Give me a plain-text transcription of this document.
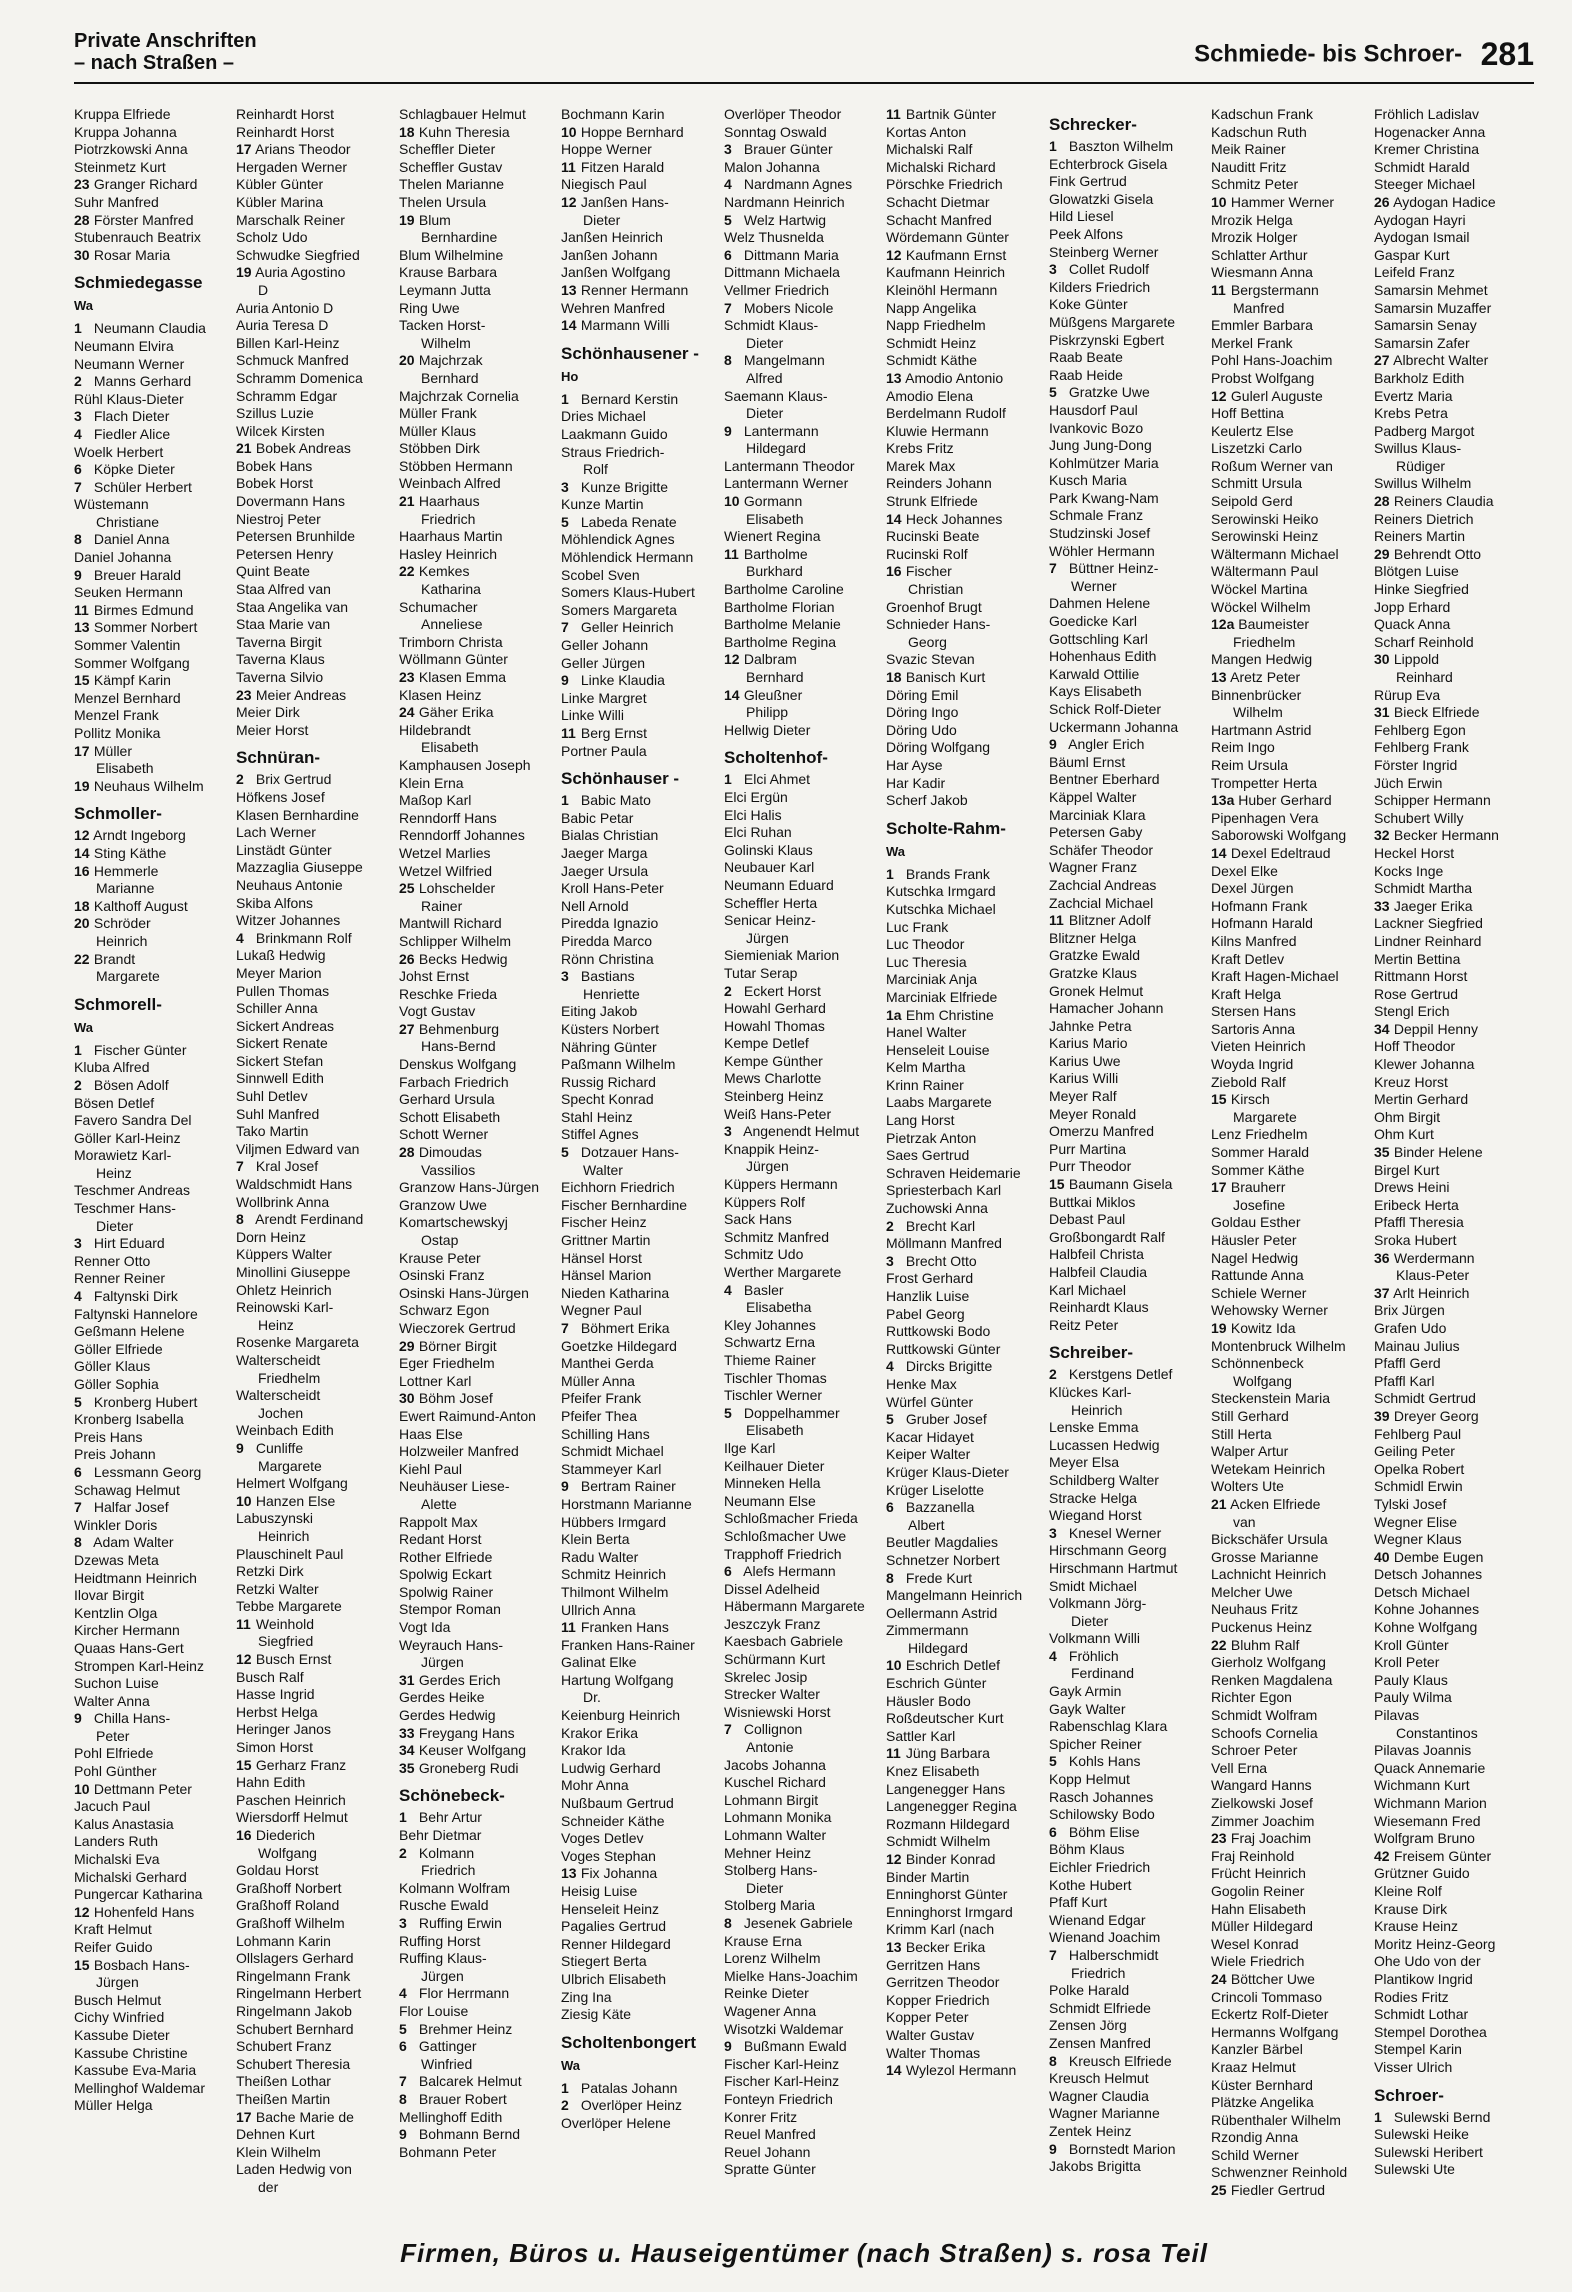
Private Anschriften
– nach Straßen –	Schmiede- bis Schroer- 281
Kruppa Elfriede
Kruppa Johanna
Piotrzkowski Anna
Steinmetz Kurt
23 Granger Richard
Suhr Manfred
28 Förster Manfred
Stubenrauch Beatrix
30 Rosar Maria
Schmiedegasse
Wa
1 Neumann Claudia
Neumann Elvira
Neumann Werner
2 Manns Gerhard
Rühl Klaus-Dieter
3 Flach Dieter
4 Fiedler Alice
Woelk Herbert
6 Köpke Dieter
7 Schüler Herbert
Wüstemann
Christiane
8 Daniel Anna
Daniel Johanna
9 Breuer Harald
Seuken Hermann
11 Birmes Edmund
13 Sommer Norbert
Sommer Valentin
Sommer Wolfgang
15 Kämpf Karin
Menzel Bernhard
Menzel Frank
Pollitz Monika
17 Müller
Elisabeth
19 Neuhaus Wilhelm
Schmoller-
12 Arndt Ingeborg
14 Sting Käthe
16 Hemmerle
Marianne
18 Kalthoff August
20 Schröder
Heinrich
22 Brandt
Margarete
Schmorell-
Wa
1 Fischer Günter
Kluba Alfred
2 Bösen Adolf
Bösen Detlef
Favero Sandra Del
Göller Karl-Heinz
Morawietz Karl-
Heinz
Teschmer Andreas
Teschmer Hans-
Dieter
3 Hirt Eduard
Renner Otto
Renner Reiner
4 Faltynski Dirk
Faltynski Hannelore
Geßmann Helene
Göller Elfriede
Göller Klaus
Göller Sophia
5 Kronberg Hubert
Kronberg Isabella
Preis Hans
Preis Johann
6 Lessmann Georg
Schawag Helmut
7 Halfar Josef
Winkler Doris
8 Adam Walter
Dzewas Meta
Heidtmann Heinrich
Ilovar Birgit
Kentzlin Olga
Kircher Hermann
Quaas Hans-Gert
Strompen Karl-Heinz
Suchon Luise
Walter Anna
9 Chilla Hans-
Peter
Pohl Elfriede
Pohl Günther
10 Dettmann Peter
Jacuch Paul
Kalus Anastasia
Landers Ruth
Michalski Eva
Michalski Gerhard
Pungercar Katharina
12 Hohenfeld Hans
Kraft Helmut
Reifer Guido
15 Bosbach Hans-
Jürgen
Busch Helmut
Cichy Winfried
Kassube Dieter
Kassube Christine
Kassube Eva-Maria
Mellinghof Waldemar
Müller Helga
Reinhardt Horst
Reinhardt Horst
17 Arians Theodor
Hergaden Werner
Kübler Günter
Kübler Marina
Marschalk Reiner
Scholz Udo
Schwudke Siegfried
19 Auria Agostino
D
Auria Antonio D
Auria Teresa D
Billen Karl-Heinz
Schmuck Manfred
Schramm Domenica
Schramm Edgar
Szillus Luzie
Wilcek Kirsten
21 Bobek Andreas
Bobek Hans
Bobek Horst
Dovermann Hans
Niestroj Peter
Petersen Brunhilde
Petersen Henry
Quint Beate
Staa Alfred van
Staa Angelika van
Staa Marie van
Taverna Birgit
Taverna Klaus
Taverna Silvio
23 Meier Andreas
Meier Dirk
Meier Horst
Schnüran-
2 Brix Gertrud
Höfkens Josef
Klasen Bernhardine
Lach Werner
Linstädt Günter
Mazzaglia Giuseppe
Neuhaus Antonie
Skiba Alfons
Witzer Johannes
4 Brinkmann Rolf
Lukaß Hedwig
Meyer Marion
Pullen Thomas
Schiller Anna
Sickert Andreas
Sickert Renate
Sickert Stefan
Sinnwell Edith
Suhl Detlev
Suhl Manfred
Tako Martin
Viljmen Edward van
7 Kral Josef
Waldschmidt Hans
Wollbrink Anna
8 Arendt Ferdinand
Dorn Heinz
Küppers Walter
Minollini Giuseppe
Ohletz Heinrich
Reinowski Karl-
Heinz
Rosenke Margareta
Walterscheidt
Friedhelm
Walterscheidt
Jochen
Weinbach Edith
9 Cunliffe
Margarete
Helmert Wolfgang
10 Hanzen Else
Labuszynski
Heinrich
Plauschinelt Paul
Retzki Dirk
Retzki Walter
Tebbe Margarete
11 Weinhold
Siegfried
12 Busch Ernst
Busch Ralf
Hasse Ingrid
Herbst Helga
Heringer Janos
Simon Horst
15 Gerharz Franz
Hahn Edith
Paschen Heinrich
Wiersdorff Helmut
16 Diederich
Wolfgang
Goldau Horst
Graßhoff Norbert
Graßhoff Roland
Graßhoff Wilhelm
Lohmann Karin
Ollslagers Gerhard
Ringelmann Frank
Ringelmann Herbert
Ringelmann Jakob
Schubert Bernhard
Schubert Franz
Schubert Theresia
Theißen Lothar
Theißen Martin
17 Bache Marie de
Dehnen Kurt
Klein Wilhelm
Laden Hedwig von
der
Schlagbauer Helmut
18 Kuhn Theresia
Scheffler Dieter
Scheffler Gustav
Thelen Marianne
Thelen Ursula
19 Blum
Bernhardine
Blum Wilhelmine
Krause Barbara
Leymann Jutta
Ring Uwe
Tacken Horst-
Wilhelm
20 Majchrzak
Bernhard
Majchrzak Cornelia
Müller Frank
Müller Klaus
Stöbben Dirk
Stöbben Hermann
Weinbach Alfred
21 Haarhaus
Friedrich
Haarhaus Martin
Hasley Heinrich
22 Kemkes
Katharina
Schumacher
Anneliese
Trimborn Christa
Wöllmann Günter
23 Klasen Emma
Klasen Heinz
24 Gäher Erika
Hildebrandt
Elisabeth
Kamphausen Joseph
Klein Erna
Maßop Karl
Renndorff Hans
Renndorff Johannes
Wetzel Marlies
Wetzel Wilfried
25 Lohschelder
Rainer
Mantwill Richard
Schlipper Wilhelm
26 Becks Hedwig
Johst Ernst
Reschke Frieda
Vogt Gustav
27 Behmenburg
Hans-Bernd
Denskus Wolfgang
Farbach Friedrich
Gerhard Ursula
Schott Elisabeth
Schott Werner
28 Dimoudas
Vassilios
Granzow Hans-Jürgen
Granzow Uwe
Komartschewskyj
Ostap
Krause Peter
Osinski Franz
Osinski Hans-Jürgen
Schwarz Egon
Wieczorek Gertrud
29 Börner Birgit
Eger Friedhelm
Lottner Karl
30 Böhm Josef
Ewert Raimund-Anton
Haas Else
Holzweiler Manfred
Kiehl Paul
Neuhäuser Liese-
Alette
Rappolt Max
Redant Horst
Rother Elfriede
Spolwig Eckart
Spolwig Rainer
Stempor Roman
Vogt Ida
Weyrauch Hans-
Jürgen
31 Gerdes Erich
Gerdes Heike
Gerdes Hedwig
33 Freygang Hans
34 Keuser Wolfgang
35 Groneberg Rudi
Schönebeck-
1 Behr Artur
Behr Dietmar
2 Kolmann
Friedrich
Kolmann Wolfram
Rusche Ewald
3 Ruffing Erwin
Ruffing Horst
Ruffing Klaus-
Jürgen
4 Flor Herrmann
Flor Louise
5 Brehmer Heinz
6 Gattinger
Winfried
7 Balcarek Helmut
8 Brauer Robert
Mellinghoff Edith
9 Bohmann Bernd
Bohmann Peter
Bochmann Karin
10 Hoppe Bernhard
Hoppe Werner
11 Fitzen Harald
Niegisch Paul
12 Janßen Hans-
Dieter
Janßen Heinrich
Janßen Johann
Janßen Wolfgang
13 Renner Hermann
Wehren Manfred
14 Marmann Willi
Schönhausener -
Ho
1 Bernard Kerstin
Dries Michael
Laakmann Guido
Straus Friedrich-
Rolf
3 Kunze Brigitte
Kunze Martin
5 Labeda Renate
Möhlendick Agnes
Möhlendick Hermann
Scobel Sven
Somers Klaus-Hubert
Somers Margareta
7 Geller Heinrich
Geller Johann
Geller Jürgen
9 Linke Klaudia
Linke Margret
Linke Willi
11 Berg Ernst
Portner Paula
Schönhauser -
1 Babic Mato
Babic Petar
Bialas Christian
Jaeger Marga
Jaeger Ursula
Kroll Hans-Peter
Nell Arnold
Piredda Ignazio
Piredda Marco
Rönn Christina
3 Bastians
Henriette
Eiting Jakob
Küsters Norbert
Nähring Günter
Paßmann Wilhelm
Russig Richard
Specht Konrad
Stahl Heinz
Stiffel Agnes
5 Dotzauer Hans-
Walter
Eichhorn Friedrich
Fischer Bernhardine
Fischer Heinz
Grittner Martin
Hänsel Horst
Hänsel Marion
Nieden Katharina
Wegner Paul
7 Böhmert Erika
Goetzke Hildegard
Manthei Gerda
Müller Anna
Pfeifer Frank
Pfeifer Thea
Schilling Hans
Schmidt Michael
Stammeyer Karl
9 Bertram Rainer
Horstmann Marianne
Hübbers Irmgard
Klein Berta
Radu Walter
Schmitz Heinrich
Thilmont Wilhelm
Ullrich Anna
11 Franken Hans
Franken Hans-Rainer
Galinat Elke
Hartung Wolfgang
Dr.
Keienburg Heinrich
Krakor Erika
Krakor Ida
Ludwig Gerhard
Mohr Anna
Nußbaum Gertrud
Schneider Käthe
Voges Detlev
Voges Stephan
13 Fix Johanna
Heisig Luise
Henseleit Heinz
Pagalies Gertrud
Renner Hildegard
Stiegert Berta
Ulbrich Elisabeth
Zing Ina
Ziesig Käte
Scholtenbongert
Wa
1 Patalas Johann
2 Overlöper Heinz
Overlöper Helene
Overlöper Theodor
Sonntag Oswald
3 Brauer Günter
Malon Johanna
4 Nardmann Agnes
Nardmann Heinrich
5 Welz Hartwig
Welz Thusnelda
6 Dittmann Maria
Dittmann Michaela
Vellmer Friedrich
7 Mobers Nicole
Schmidt Klaus-
Dieter
8 Mangelmann
Alfred
Saemann Klaus-
Dieter
9 Lantermann
Hildegard
Lantermann Theodor
Lantermann Werner
10 Gormann
Elisabeth
Wienert Regina
11 Bartholme
Burkhard
Bartholme Caroline
Bartholme Florian
Bartholme Melanie
Bartholme Regina
12 Dalbram
Bernhard
14 Gleußner
Philipp
Hellwig Dieter
Scholtenhof-
1 Elci Ahmet
Elci Ergün
Elci Halis
Elci Ruhan
Golinski Klaus
Neubauer Karl
Neumann Eduard
Scheffler Herta
Senicar Heinz-
Jürgen
Siemieniak Marion
Tutar Serap
2 Eckert Horst
Howahl Gerhard
Howahl Thomas
Kempe Detlef
Kempe Günther
Mews Charlotte
Steinberg Heinz
Weiß Hans-Peter
3 Angenendt Helmut
Knappik Heinz-
Jürgen
Küppers Hermann
Küppers Rolf
Sack Hans
Schmitz Manfred
Schmitz Udo
Werther Margarete
4 Basler
Elisabetha
Kley Johannes
Schwartz Erna
Thieme Rainer
Tischler Thomas
Tischler Werner
5 Doppelhammer
Elisabeth
Ilge Karl
Keilhauer Dieter
Minneken Hella
Neumann Else
Schloßmacher Frieda
Schloßmacher Uwe
Trapphoff Friedrich
6 Alefs Hermann
Dissel Adelheid
Häbermann Margarete
Jeszczyk Franz
Kaesbach Gabriele
Schürmann Kurt
Skrelec Josip
Strecker Walter
Wisniewski Horst
7 Collignon
Antonie
Jacobs Johanna
Kuschel Richard
Lohmann Birgit
Lohmann Monika
Lohmann Walter
Mehner Heinz
Stolberg Hans-
Dieter
Stolberg Maria
8 Jesenek Gabriele
Krause Erna
Lorenz Wilhelm
Mielke Hans-Joachim
Reinke Dieter
Wagener Anna
Wisotzki Waldemar
9 Bußmann Ewald
Fischer Karl-Heinz
Fischer Karl-Heinz
Fonteyn Friedrich
Konrer Fritz
Reuel Manfred
Reuel Johann
Spratte Günter
11 Bartnik Günter
Kortas Anton
Michalski Ralf
Michalski Richard
Pörschke Friedrich
Schacht Dietmar
Schacht Manfred
Wördemann Günter
12 Kaufmann Ernst
Kaufmann Heinrich
Kleinöhl Hermann
Napp Angelika
Napp Friedhelm
Schmidt Heinz
Schmidt Käthe
13 Amodio Antonio
Amodio Elena
Berdelmann Rudolf
Kluwie Hermann
Krebs Fritz
Marek Max
Reinders Johann
Strunk Elfriede
14 Heck Johannes
Rucinski Beate
Rucinski Rolf
16 Fischer
Christian
Groenhof Brugt
Schnieder Hans-
Georg
Svazic Stevan
18 Banisch Kurt
Döring Emil
Döring Ingo
Döring Udo
Döring Wolfgang
Har Ayse
Har Kadir
Scherf Jakob
Scholte-Rahm-
Wa
1 Brands Frank
Kutschka Irmgard
Kutschka Michael
Luc Frank
Luc Theodor
Luc Theresia
Marciniak Anja
Marciniak Elfriede
1a Ehm Christine
Hanel Walter
Henseleit Louise
Kelm Martha
Krinn Rainer
Laabs Margarete
Lang Horst
Pietrzak Anton
Saes Gertrud
Schraven Heidemarie
Spriesterbach Karl
Zuchowski Anna
2 Brecht Karl
Möllmann Manfred
3 Brecht Otto
Frost Gerhard
Hanzlik Luise
Pabel Georg
Ruttkowski Bodo
Ruttkowski Günter
4 Dircks Brigitte
Henke Max
Würfel Günter
5 Gruber Josef
Kacar Hidayet
Keiper Walter
Krüger Klaus-Dieter
Krüger Liselotte
6 Bazzanella
Albert
Beutler Magdalies
Schnetzer Norbert
8 Frede Kurt
Mangelmann Heinrich
Oellermann Astrid
Zimmermann
Hildegard
10 Eschrich Detlef
Eschrich Günter
Häusler Bodo
Roßdeutscher Kurt
Sattler Karl
11 Jüng Barbara
Knez Elisabeth
Langenegger Hans
Langenegger Regina
Rozmann Hildegard
Schmidt Wilhelm
12 Binder Konrad
Binder Martin
Enninghorst Günter
Enninghorst Irmgard
Krimm Karl (nach
13 Becker Erika
Gerritzen Hans
Gerritzen Theodor
Kopper Friedrich
Kopper Peter
Walter Gustav
Walter Thomas
14 Wylezol Hermann
Schrecker-
1 Baszton Wilhelm
Echterbrock Gisela
Fink Gertrud
Glowatzki Gisela
Hild Liesel
Peek Alfons
Steinberg Werner
3 Collet Rudolf
Kilders Friedrich
Koke Günter
Müßgens Margarete
Piskrzynski Egbert
Raab Beate
Raab Heide
5 Gratzke Uwe
Hausdorf Paul
Ivankovic Bozo
Jung Jung-Dong
Kohlmützer Maria
Kusch Maria
Park Kwang-Nam
Schmale Franz
Studzinski Josef
Wöhler Hermann
7 Büttner Heinz-
Werner
Dahmen Helene
Goedicke Karl
Gottschling Karl
Hohenhaus Edith
Karwald Ottilie
Kays Elisabeth
Schick Rolf-Dieter
Uckermann Johanna
9 Angler Erich
Bäuml Ernst
Bentner Eberhard
Käppel Walter
Marciniak Klara
Petersen Gaby
Schäfer Theodor
Wagner Franz
Zachcial Andreas
Zachcial Michael
11 Blitzner Adolf
Blitzner Helga
Gratzke Ewald
Gratzke Klaus
Gronek Helmut
Hamacher Johann
Jahnke Petra
Karius Mario
Karius Uwe
Karius Willi
Meyer Ralf
Meyer Ronald
Omerzu Manfred
Purr Martina
Purr Theodor
15 Baumann Gisela
Buttkai Miklos
Debast Paul
Großbongardt Ralf
Halbfeil Christa
Halbfeil Claudia
Karl Michael
Reinhardt Klaus
Reitz Peter
Schreiber-
2 Kerstgens Detlef
Klückes Karl-
Heinrich
Lenske Emma
Lucassen Hedwig
Meyer Elsa
Schildberg Walter
Stracke Helga
Wiegand Horst
3 Knesel Werner
Hirschmann Georg
Hirschmann Hartmut
Smidt Michael
Volkmann Jörg-
Dieter
Volkmann Willi
4 Fröhlich
Ferdinand
Gayk Armin
Gayk Walter
Rabenschlag Klara
Spicher Reiner
5 Kohls Hans
Kopp Helmut
Rasch Johannes
Schilowsky Bodo
6 Böhm Elise
Böhm Klaus
Eichler Friedrich
Kothe Hubert
Pfaff Kurt
Wienand Edgar
Wienand Joachim
7 Halberschmidt
Friedrich
Polke Harald
Schmidt Elfriede
Zensen Jörg
Zensen Manfred
8 Kreusch Elfriede
Kreusch Helmut
Wagner Claudia
Wagner Marianne
Zentek Heinz
9 Bornstedt Marion
Jakobs Brigitta
Kadschun Frank
Kadschun Ruth
Meik Rainer
Nauditt Fritz
Schmitz Peter
10 Hammer Werner
Mrozik Helga
Mrozik Holger
Schlatter Arthur
Wiesmann Anna
11 Bergstermann
Manfred
Emmler Barbara
Merkel Frank
Pohl Hans-Joachim
Probst Wolfgang
12 Gulerl Auguste
Hoff Bettina
Keulertz Else
Liszetzki Carlo
Roßum Werner van
Schmitt Ursula
Seipold Gerd
Serowinski Heiko
Serowinski Heinz
Wältermann Michael
Wältermann Paul
Wöckel Martina
Wöckel Wilhelm
12a Baumeister
Friedhelm
Mangen Hedwig
13 Aretz Peter
Binnenbrücker
Wilhelm
Hartmann Astrid
Reim Ingo
Reim Ursula
Trompetter Herta
13a Huber Gerhard
Pipenhagen Vera
Saborowski Wolfgang
14 Dexel Edeltraud
Dexel Elke
Dexel Jürgen
Hofmann Frank
Hofmann Harald
Kilns Manfred
Kraft Detlev
Kraft Hagen-Michael
Kraft Helga
Stersen Hans
Sartoris Anna
Vieten Heinrich
Woyda Ingrid
Ziebold Ralf
15 Kirsch
Margarete
Lenz Friedhelm
Sommer Harald
Sommer Käthe
17 Brauherr
Josefine
Goldau Esther
Häusler Peter
Nagel Hedwig
Rattunde Anna
Schiele Werner
Wehowsky Werner
19 Kowitz Ida
Montenbruck Wilhelm
Schönnenbeck
Wolfgang
Steckenstein Maria
Still Gerhard
Still Herta
Walper Artur
Wetekam Heinrich
Wolters Ute
21 Acken Elfriede
van
Bickschäfer Ursula
Grosse Marianne
Lachnicht Heinrich
Melcher Uwe
Neuhaus Fritz
Puckenus Heinz
22 Bluhm Ralf
Gierholz Wolfgang
Renken Magdalena
Richter Egon
Schmidt Wolfram
Schoofs Cornelia
Schroer Peter
Vell Erna
Wangard Hanns
Zielkowski Josef
Zimmer Joachim
23 Fraj Joachim
Fraj Reinhold
Frücht Heinrich
Gogolin Reiner
Hahn Elisabeth
Müller Hildegard
Wesel Konrad
Wiele Friedrich
24 Böttcher Uwe
Crincoli Tommaso
Eckertz Rolf-Dieter
Hermanns Wolfgang
Kanzler Bärbel
Kraaz Helmut
Küster Bernhard
Plätzke Angelika
Rübenthaler Wilhelm
Rzondig Anna
Schild Werner
Schwenzner Reinhold
25 Fiedler Gertrud
Fröhlich Ladislav
Hogenacker Anna
Kremer Christina
Schmidt Harald
Steeger Michael
26 Aydogan Hadice
Aydogan Hayri
Aydogan Ismail
Gaspar Kurt
Leifeld Franz
Samarsin Mehmet
Samarsin Muzaffer
Samarsin Senay
Samarsin Zafer
27 Albrecht Walter
Barkholz Edith
Evertz Maria
Krebs Petra
Padberg Margot
Swillus Klaus-
Rüdiger
Swillus Wilhelm
28 Reiners Claudia
Reiners Dietrich
Reiners Martin
29 Behrendt Otto
Blötgen Luise
Hinke Siegfried
Jopp Erhard
Quack Anna
Scharf Reinhold
30 Lippold
Reinhard
Rürup Eva
31 Bieck Elfriede
Fehlberg Egon
Fehlberg Frank
Förster Ingrid
Jüch Erwin
Schipper Hermann
Schubert Willy
32 Becker Hermann
Heckel Horst
Kocks Inge
Schmidt Martha
33 Jaeger Erika
Lackner Siegfried
Lindner Reinhard
Mertin Bettina
Rittmann Horst
Rose Gertrud
Stengl Erich
34 Deppil Henny
Hoff Theodor
Klewer Johanna
Kreuz Horst
Mertin Gerhard
Ohm Birgit
Ohm Kurt
35 Binder Helene
Birgel Kurt
Drews Heini
Eribeck Herta
Pfaffl Theresia
Sroka Hubert
36 Werdermann
Klaus-Peter
37 Arlt Heinrich
Brix Jürgen
Grafen Udo
Mainau Julius
Pfaffl Gerd
Pfaffl Karl
Schmidt Gertrud
39 Dreyer Georg
Fehlberg Paul
Geiling Peter
Opelka Robert
Schmidl Erwin
Tylski Josef
Wegner Elise
Wegner Klaus
40 Dembe Eugen
Detsch Johannes
Detsch Michael
Kohne Johannes
Kohne Wolfgang
Kroll Günter
Kroll Peter
Pauly Klaus
Pauly Wilma
Pilavas
Constantinos
Pilavas Joannis
Quack Annemarie
Wichmann Kurt
Wichmann Marion
Wiesemann Fred
Wolfgram Bruno
42 Freisem Günter
Grützner Guido
Kleine Rolf
Krause Dirk
Krause Heinz
Moritz Heinz-Georg
Ohe Udo von der
Plantikow Ingrid
Rodies Fritz
Schmidt Lothar
Stempel Dorothea
Stempel Karin
Visser Ulrich
Schroer-
1 Sulewski Bernd
Sulewski Heike
Sulewski Heribert
Sulewski Ute
Firmen, Büros u. Hauseigentümer (nach Straßen) s. rosa Teil
